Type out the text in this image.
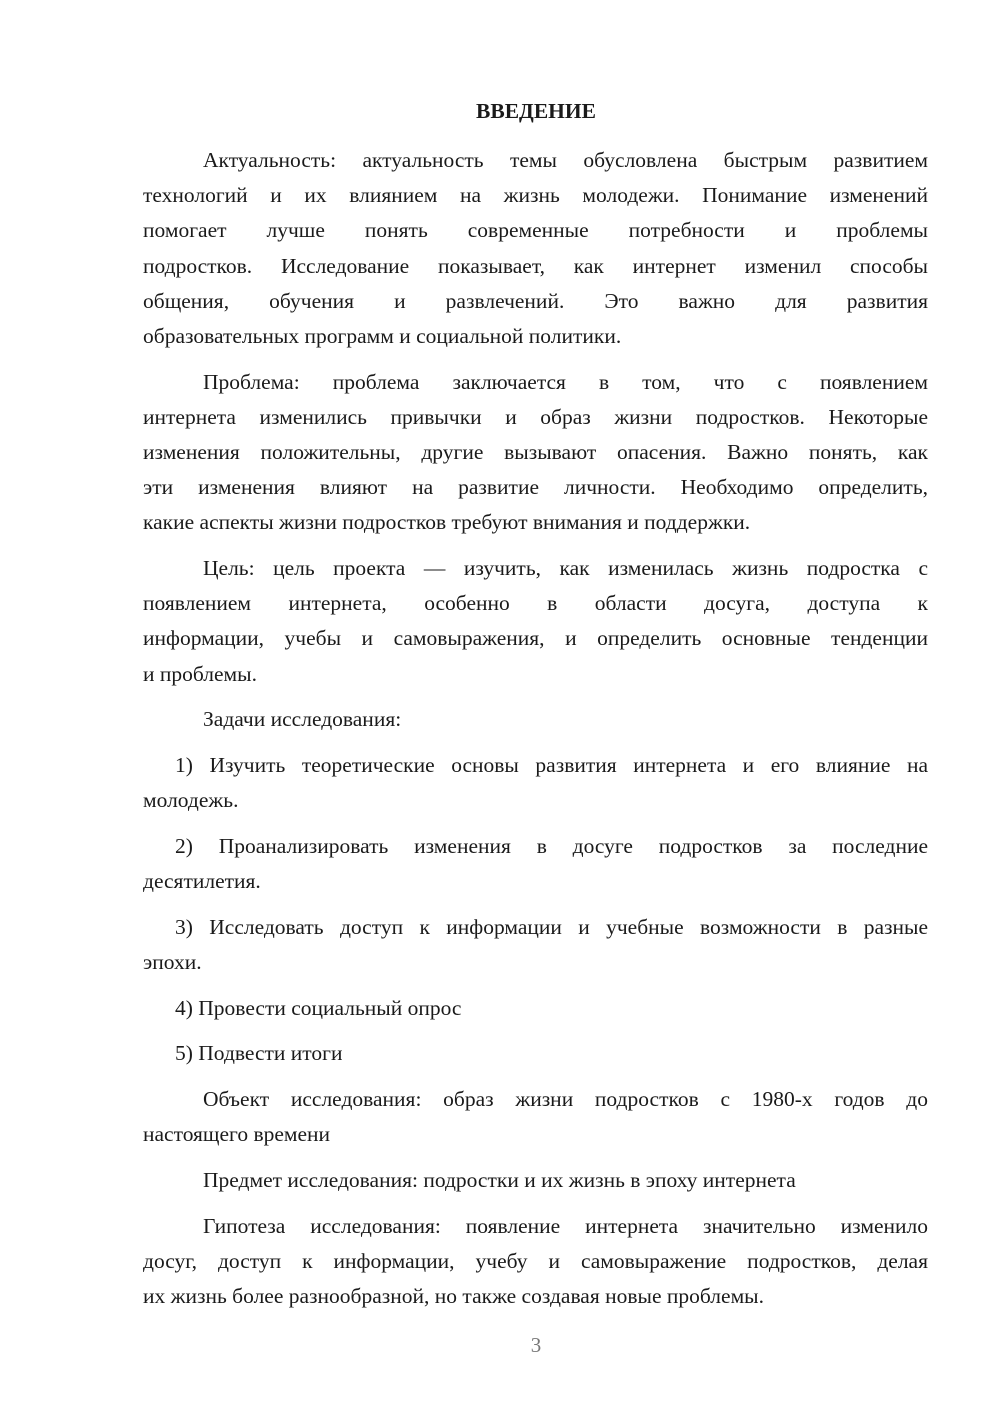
ВВЕДЕНИЕ
Актуальность: актуальность темы обусловлена быстрым развитием
технологий и их влиянием на жизнь молодежи. Понимание изменений
помогает лучше понять современные потребности и проблемы
подростков. Исследование показывает, как интернет изменил способы
общения, обучения и развлечений. Это важно для развития
образовательных программ и социальной политики.
Проблема: проблема заключается в том, что с появлением
интернета изменились привычки и образ жизни подростков. Некоторые
изменения положительны, другие вызывают опасения. Важно понять, как
эти изменения влияют на развитие личности. Необходимо определить,
какие аспекты жизни подростков требуют внимания и поддержки.
Цель: цель проекта — изучить, как изменилась жизнь подростка с
появлением интернета, особенно в области досуга, доступа к
информации, учебы и самовыражения, и определить основные тенденции
и проблемы.
Задачи исследования:
1) Изучить теоретические основы развития интернета и его влияние на
молодежь.
2) Проанализировать изменения в досуге подростков за последние
десятилетия.
3) Исследовать доступ к информации и учебные возможности в разные
эпохи.
4) Провести социальный опрос
5) Подвести итоги
Объект исследования: образ жизни подростков с 1980-х годов до
настоящего времени
Предмет исследования: подростки и их жизнь в эпоху интернета
Гипотеза исследования: появление интернета значительно изменило
досуг, доступ к информации, учебу и самовыражение подростков, делая
их жизнь более разнообразной, но также создавая новые проблемы.
3
